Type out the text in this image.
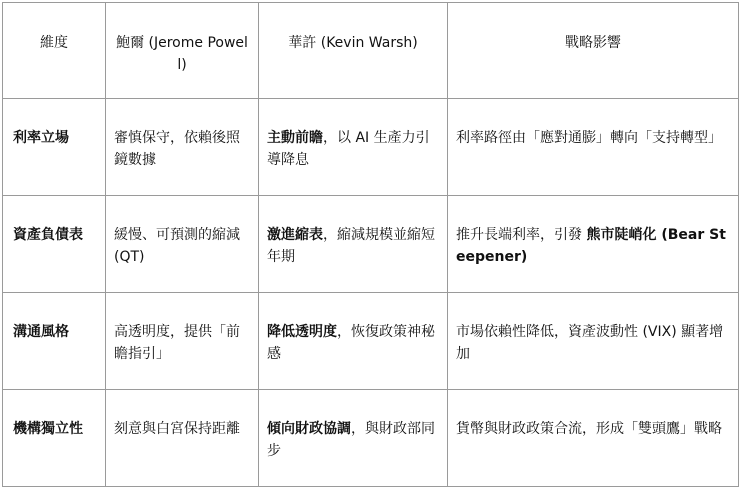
維度	鮑爾 (Jerome Powell)	華許 (Kevin Warsh)	戰略影響
利率立場	審慎保守，依賴後照鏡數據	主動前瞻，以 AI 生產力引導降息	利率路徑由「應對通膨」轉向「支持轉型」
資產負債表	緩慢、可預測的縮減 (QT)	激進縮表，縮減規模並縮短年期	推升長端利率，引發 熊市陡峭化 (Bear Steepener)
溝通風格	高透明度，提供「前瞻指引」	降低透明度，恢復政策神秘感	市場依賴性降低，資產波動性 (VIX) 顯著增加
機構獨立性	刻意與白宮保持距離	傾向財政協調，與財政部同步	貨幣與財政政策合流，形成「雙頭鷹」戰略
